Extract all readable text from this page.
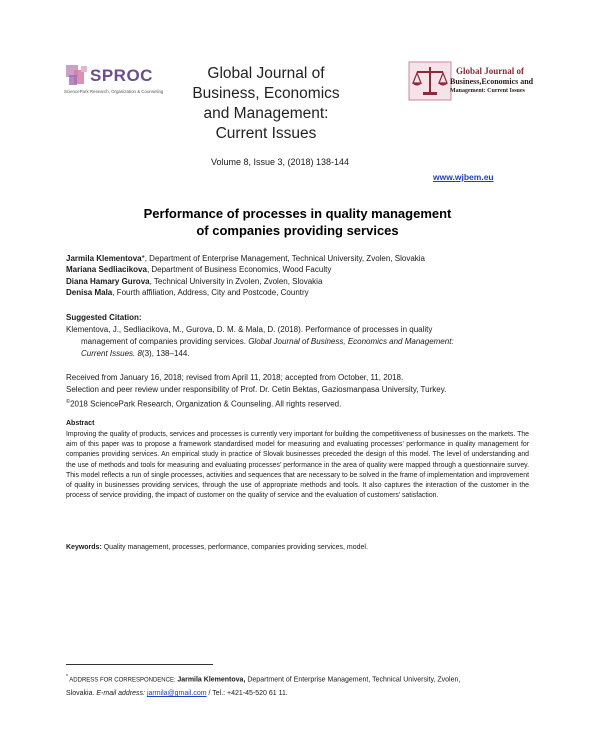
SPROC
SciencePark Research, Organization & Counseling
Global Journal of Business, Economics and Management: Current Issues
Volume 8, Issue 3, (2018) 138-144
Global Journal of
Business,Economics and
Management: Current Issues
www.wjbem.eu
Performance of processes in quality management
of companies providing services
Jarmila Klementova*, Department of Enterprise Management, Technical University, Zvolen, Slovakia
Mariana Sedliacikova, Department of Business Economics, Wood Faculty
Diana Hamary Gurova, Technical University in Zvolen, Zvolen, Slovakia
Denisa Mala, Fourth affiliation, Address, City and Postcode, Country
Suggested Citation:
Klementova, J., Sedliacikova, M., Gurova, D. M. & Mala, D. (2018). Performance of processes in quality
management of companies providing services. Global Journal of Business, Economics and Management:
Current Issues. 8(3), 138–144.
Received from January 16, 2018; revised from April 11, 2018; accepted from October, 11, 2018.
Selection and peer review under responsibility of Prof. Dr. Cetin Bektas, Gaziosmanpasa University, Turkey.
©2018 SciencePark Research, Organization & Counseling. All rights reserved.
Abstract
Improving the quality of products, services and processes is currently very important for building the competitiveness of businesses on the markets. The aim of this paper was to propose a framework standardised model for measuring and evaluating processes’ performance in quality management for companies providing services. An empirical study in practice of Slovak businesses preceded the design of this model. The level of understanding and the use of methods and tools for measuring and evaluating processes’ performance in the area of quality were mapped through a questionnaire survey. This model reflects a run of single processes, activities and sequences that are necessary to be solved in the frame of implementation and improvement of quality in businesses providing services, through the use of appropriate methods and tools. It also captures the interaction of the customer in the process of service providing, the impact of customer on the quality of service and the evaluation of customers’ satisfaction.
Keywords: Quality management, processes, performance, companies providing services, model.
* ADDRESS FOR CORRESPONDENCE: Jarmila Klementova, Department of Enterprise Management, Technical University, Zvolen,
Slovakia. E-mail address: jarmila@gmail.com / Tel.: +421-45-520 61 11.
